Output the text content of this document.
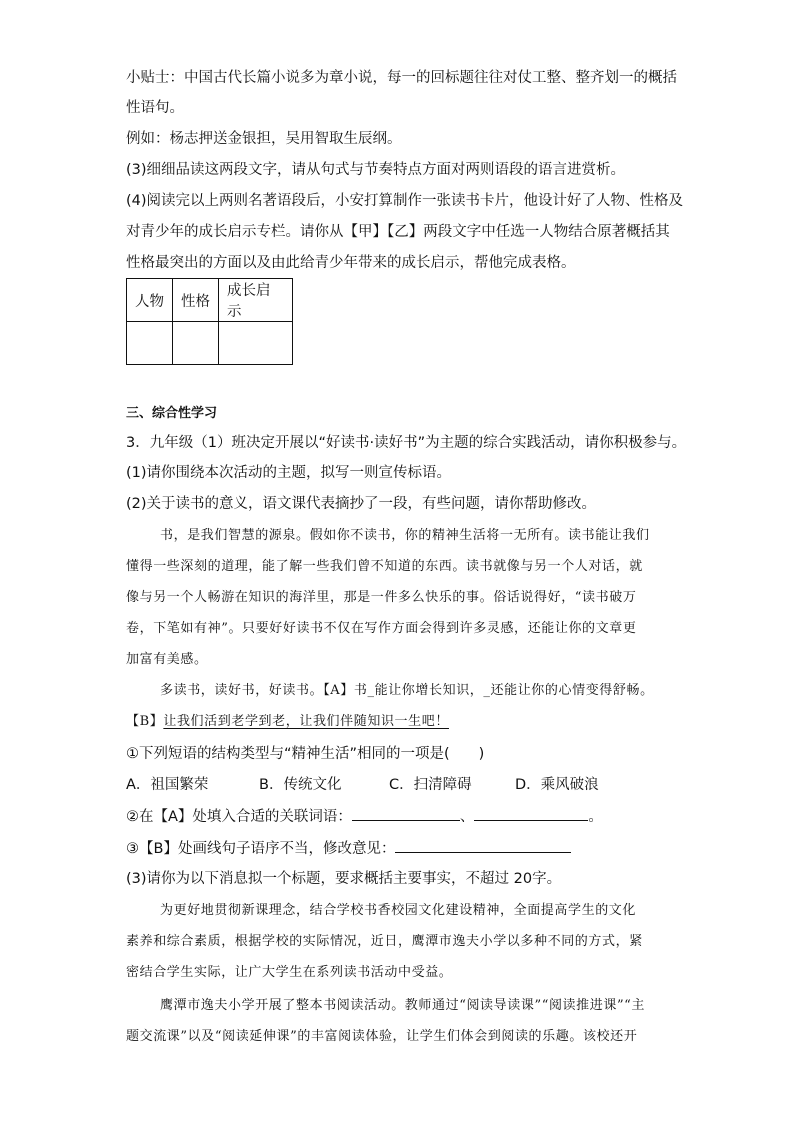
小贴士：中国古代长篇小说多为章小说，每一的回标题往往对仗工整、整齐划一的概括
性语句。
例如：杨志押送金银担，吴用智取生辰纲。
(3)细细品读这两段文字，请从句式与节奏特点方面对两则语段的语言进赏析。
(4)阅读完以上两则名著语段后，小安打算制作一张读书卡片，他设计好了人物、性格及
对青少年的成长启示专栏。请你从【甲】【乙】两段文字中任选一人物结合原著概括其
性格最突出的方面以及由此给青少年带来的成长启示，帮他完成表格。
人物	性格	成长启示

三、综合性学习
3．九年级（1）班决定开展以“好读书·读好书”为主题的综合实践活动，请你积极参与。
(1)请你围绕本次活动的主题，拟写一则宣传标语。
(2)关于读书的意义，语文课代表摘抄了一段，有些问题，请你帮助修改。
书，是我们智慧的源泉。假如你不读书，你的精神生活将一无所有。读书能让我们
懂得一些深刻的道理，能了解一些我们曾不知道的东西。读书就像与另一个人对话，就
像与另一个人畅游在知识的海洋里，那是一件多么快乐的事。俗话说得好，“读书破万
卷，下笔如有神”。只要好好读书不仅在写作方面会得到许多灵感，还能让你的文章更
加富有美感。
多读书，读好书，好读书。【A】书_能让你增长知识，_还能让你的心情变得舒畅。
【B】让我们活到老学到老，让我们伴随知识一生吧！
①下列短语的结构类型与“精神生活”相同的一项是(　　)
A．祖国繁荣	B．传统文化	C．扫清障碍	D．乘风破浪
②在【A】处填入合适的关联词语：	、	。
③【B】处画线句子语序不当，修改意见：
(3)请你为以下消息拟一个标题，要求概括主要事实，不超过 20字。
为更好地贯彻新课理念，结合学校书香校园文化建设精神，全面提高学生的文化
素养和综合素质，根据学校的实际情况，近日，鹰潭市逸夫小学以多种不同的方式，紧
密结合学生实际，让广大学生在系列读书活动中受益。
鹰潭市逸夫小学开展了整本书阅读活动。教师通过“阅读导读课”“阅读推进课”“主
题交流课”以及“阅读延伸课”的丰富阅读体验，让学生们体会到阅读的乐趣。该校还开
